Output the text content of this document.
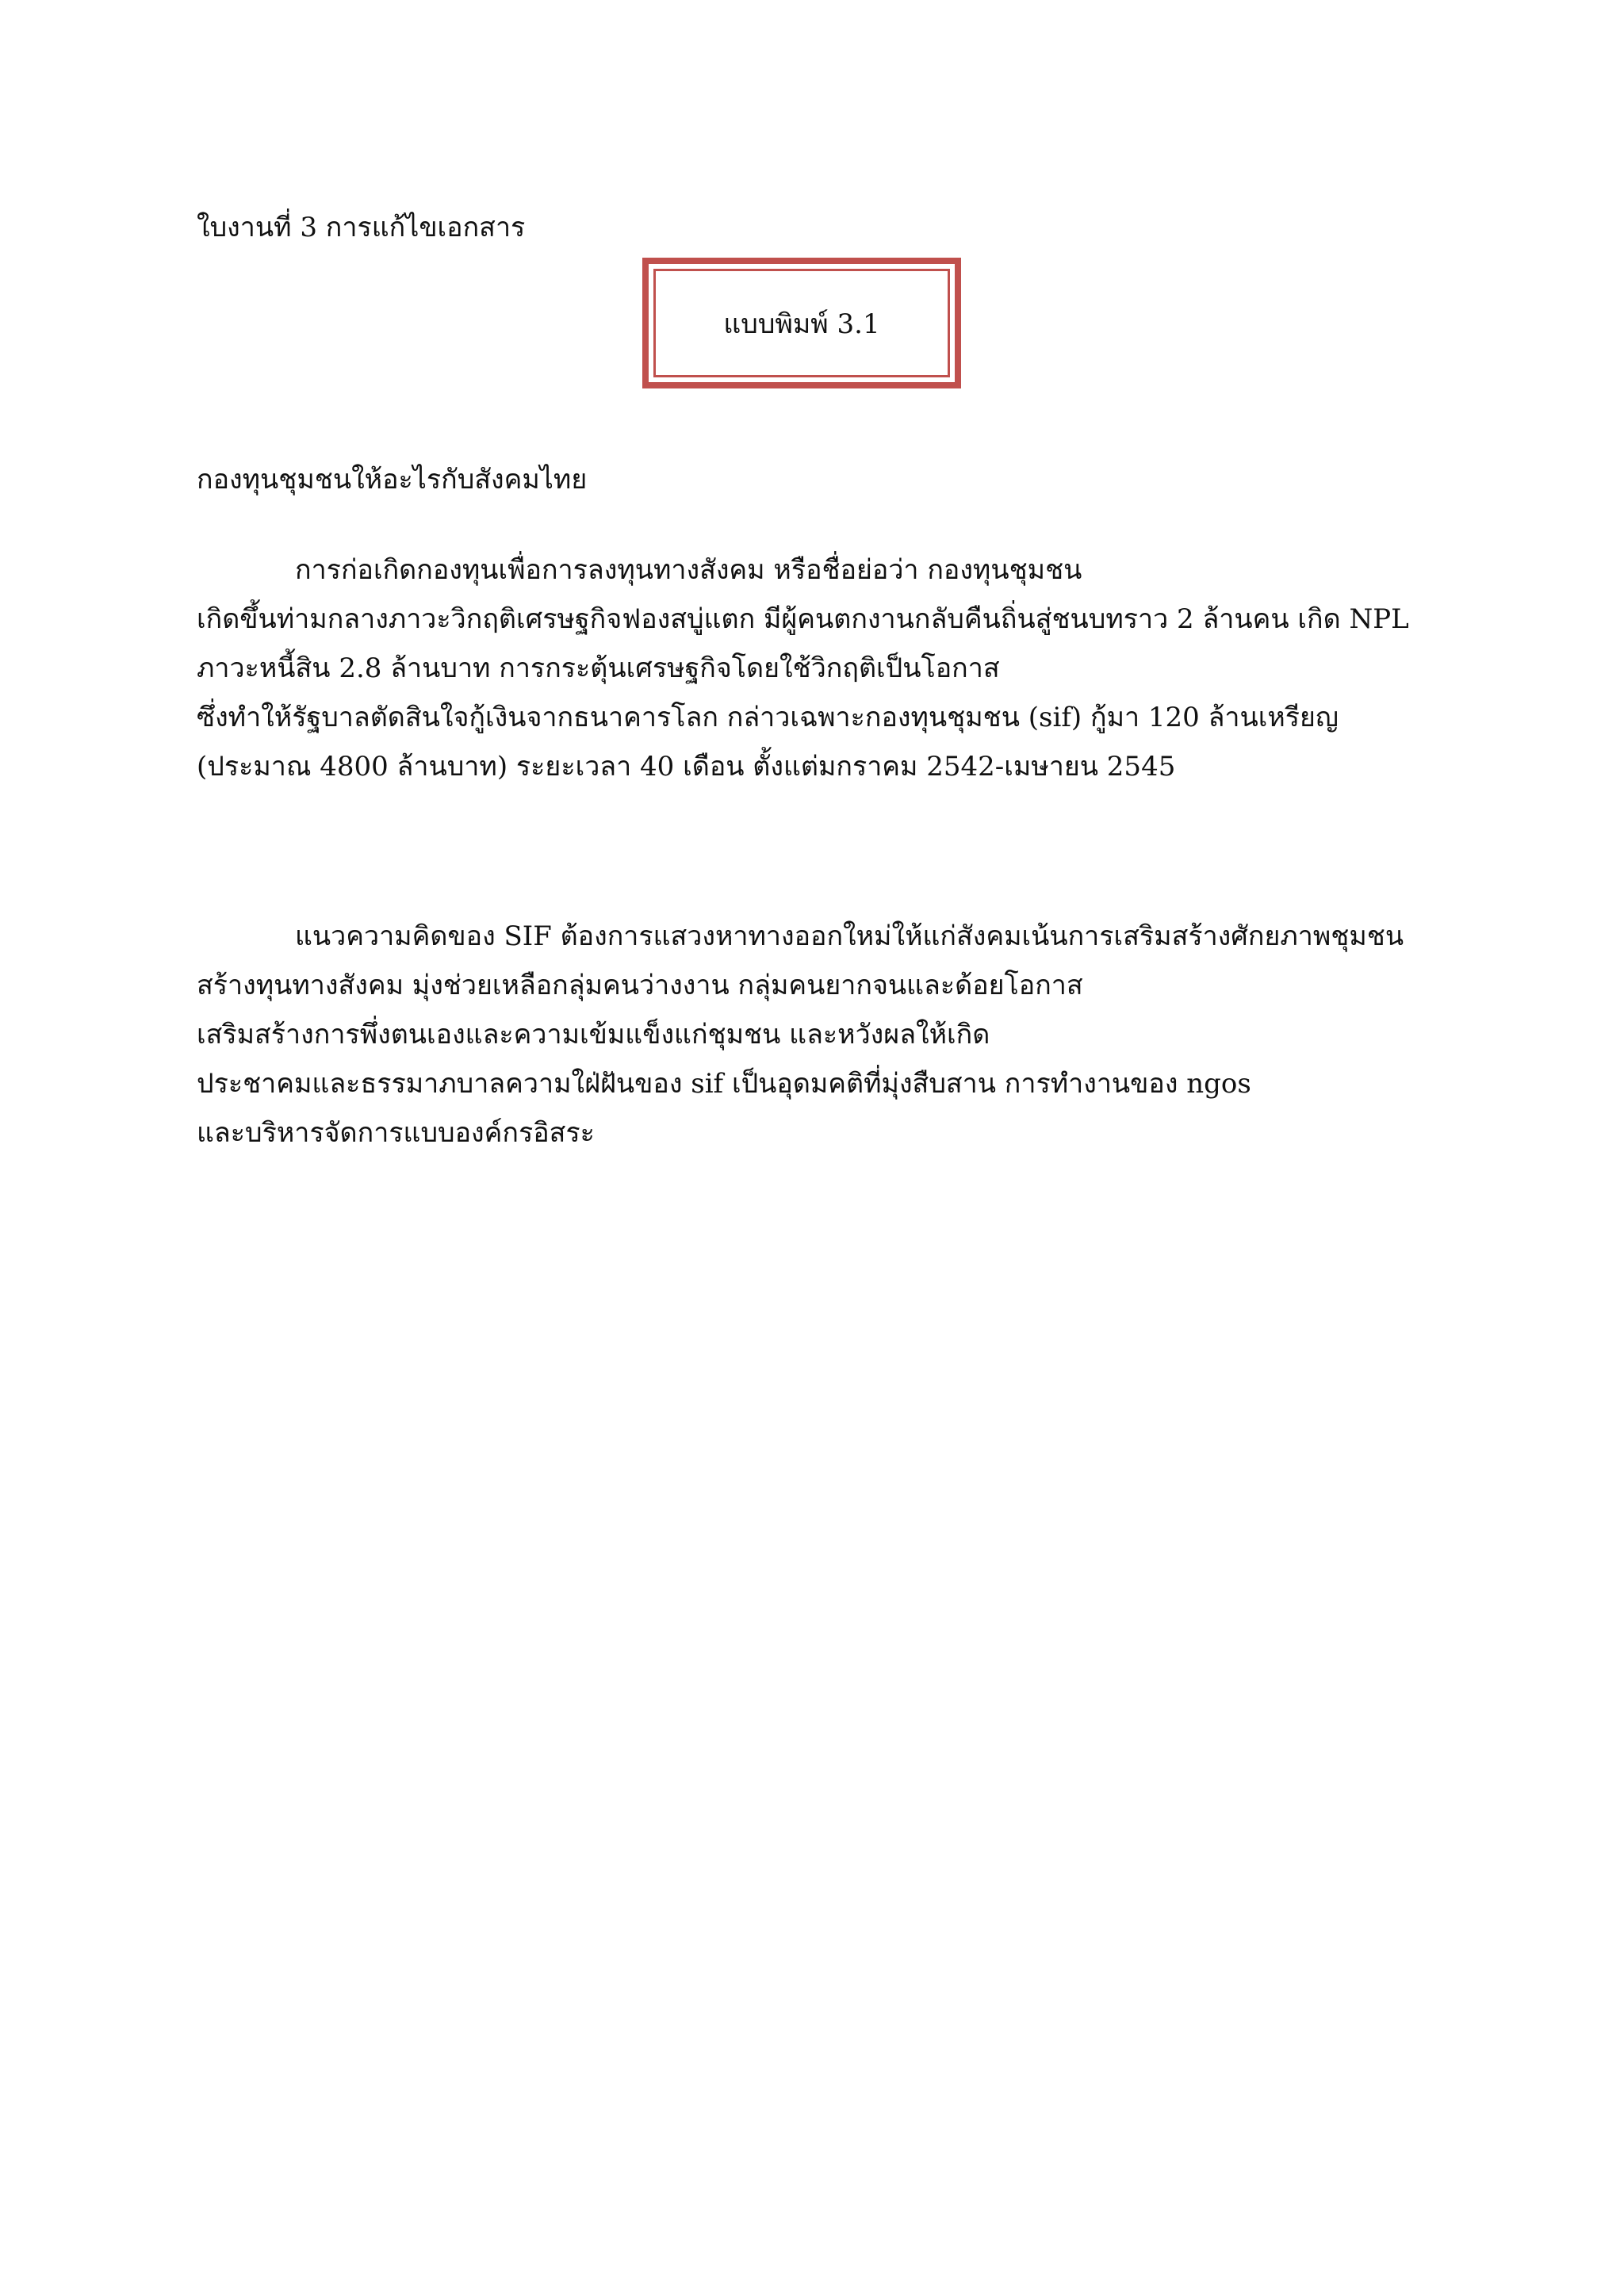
ใบงานที่ 3 การแก้ไขเอกสาร
แบบพิมพ์ 3.1
กองทุนชุมชนให้อะไรกับสังคมไทย
การก่อเกิดกองทุนเพื่อการลงทุนทางสังคม หรือชื่อย่อว่า กองทุนชุมชน
เกิดขึ้นท่ามกลางภาวะวิกฤติเศรษฐกิจฟองสบู่แตก มีผู้คนตกงานกลับคืนถิ่นสู่ชนบทราว 2 ล้านคน เกิด NPL
ภาวะหนี้สิน 2.8 ล้านบาท การกระตุ้นเศรษฐกิจโดยใช้วิกฤติเป็นโอกาส
ซึ่งทำให้รัฐบาลตัดสินใจกู้เงินจากธนาคารโลก กล่าวเฉพาะกองทุนชุมชน (sif) กู้มา 120 ล้านเหรียญ
(ประมาณ 4800 ล้านบาท) ระยะเวลา 40 เดือน ตั้งแต่มกราคม 2542-เมษายน 2545
แนวความคิดของ SIF ต้องการแสวงหาทางออกใหม่ให้แก่สังคมเน้นการเสริมสร้างศักยภาพชุมชน
สร้างทุนทางสังคม มุ่งช่วยเหลือกลุ่มคนว่างงาน กลุ่มคนยากจนและด้อยโอกาส
เสริมสร้างการพึ่งตนเองและความเข้มแข็งแก่ชุมชน และหวังผลให้เกิด
ประชาคมและธรรมาภบาลความใฝ่ฝันของ sif เป็นอุดมคติที่มุ่งสืบสาน การทำงานของ ngos
และบริหารจัดการแบบองค์กรอิสระ
